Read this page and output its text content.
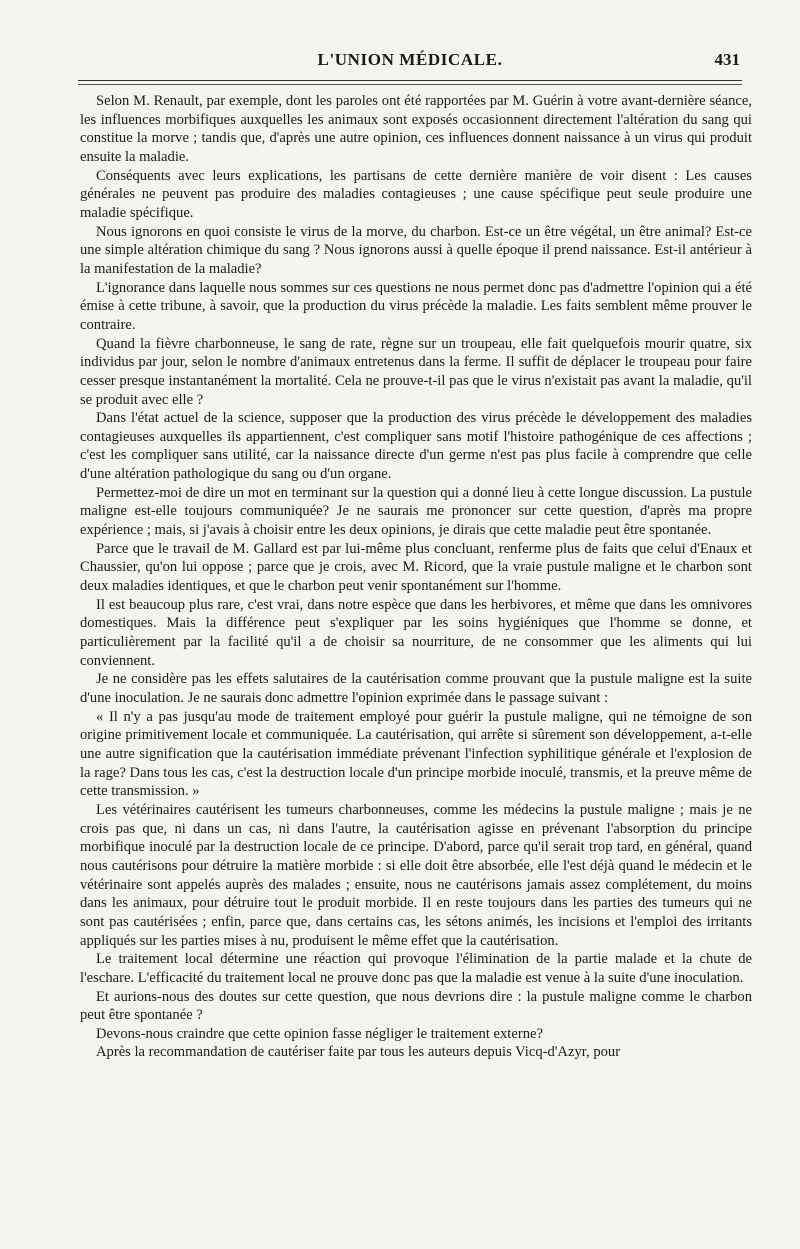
L'UNION MÉDICALE.	431

Selon M. Renault, par exemple, dont les paroles ont été rapportées par M. Guérin à votre avant-dernière séance, les influences morbifiques auxquelles les animaux sont exposés occasionnent directement l'altération du sang qui constitue la morve ; tandis que, d'après une autre opinion, ces influences donnent naissance à un virus qui produit ensuite la maladie.

Conséquents avec leurs explications, les partisans de cette dernière manière de voir disent : Les causes générales ne peuvent pas produire des maladies contagieuses ; une cause spécifique peut seule produire une maladie spécifique.

Nous ignorons en quoi consiste le virus de la morve, du charbon. Est-ce un être végétal, un être animal? Est-ce une simple altération chimique du sang ? Nous ignorons aussi à quelle époque il prend naissance. Est-il antérieur à la manifestation de la maladie?

L'ignorance dans laquelle nous sommes sur ces questions ne nous permet donc pas d'admettre l'opinion qui a été émise à cette tribune, à savoir, que la production du virus précède la maladie. Les faits semblent même prouver le contraire.

Quand la fièvre charbonneuse, le sang de rate, règne sur un troupeau, elle fait quelquefois mourir quatre, six individus par jour, selon le nombre d'animaux entretenus dans la ferme. Il suffit de déplacer le troupeau pour faire cesser presque instantanément la mortalité. Cela ne prouve-t-il pas que le virus n'existait pas avant la maladie, qu'il se produit avec elle ?

Dans l'état actuel de la science, supposer que la production des virus précède le développement des maladies contagieuses auxquelles ils appartiennent, c'est compliquer sans motif l'histoire pathogénique de ces affections ; c'est les compliquer sans utilité, car la naissance directe d'un germe n'est pas plus facile à comprendre que celle d'une altération pathologique du sang ou d'un organe.

Permettez-moi de dire un mot en terminant sur la question qui a donné lieu à cette longue discussion. La pustule maligne est-elle toujours communiquée? Je ne saurais me prononcer sur cette question, d'après ma propre expérience ; mais, si j'avais à choisir entre les deux opinions, je dirais que cette maladie peut être spontanée.

Parce que le travail de M. Gallard est par lui-même plus concluant, renferme plus de faits que celui d'Enaux et Chaussier, qu'on lui oppose ; parce que je crois, avec M. Ricord, que la vraie pustule maligne et le charbon sont deux maladies identiques, et que le charbon peut venir spontanément sur l'homme.

Il est beaucoup plus rare, c'est vrai, dans notre espèce que dans les herbivores, et même que dans les omnivores domestiques. Mais la différence peut s'expliquer par les soins hygiéniques que l'homme se donne, et particulièrement par la facilité qu'il a de choisir sa nourriture, de ne consommer que les aliments qui lui conviennent.

Je ne considère pas les effets salutaires de la cautérisation comme prouvant que la pustule maligne est la suite d'une inoculation. Je ne saurais donc admettre l'opinion exprimée dans le passage suivant :

« Il n'y a pas jusqu'au mode de traitement employé pour guérir la pustule maligne, qui ne témoigne de son origine primitivement locale et communiquée. La cautérisation, qui arrête si sûrement son développement, a-t-elle une autre signification que la cautérisation immédiate prévenant l'infection syphilitique générale et l'explosion de la rage? Dans tous les cas, c'est la destruction locale d'un principe morbide inoculé, transmis, et la preuve même de cette transmission. »

Les vétérinaires cautérisent les tumeurs charbonneuses, comme les médecins la pustule maligne ; mais je ne crois pas que, ni dans un cas, ni dans l'autre, la cautérisation agisse en prévenant l'absorption du principe morbifique inoculé par la destruction locale de ce principe. D'abord, parce qu'il serait trop tard, en général, quand nous cautérisons pour détruire la matière morbide : si elle doit être absorbée, elle l'est déjà quand le médecin et le vétérinaire sont appelés auprès des malades ; ensuite, nous ne cautérisons jamais assez complétement, du moins dans les animaux, pour détruire tout le produit morbide. Il en reste toujours dans les parties des tumeurs qui ne sont pas cautérisées ; enfin, parce que, dans certains cas, les sétons animés, les incisions et l'emploi des irritants appliqués sur les parties mises à nu, produisent le même effet que la cautérisation.

Le traitement local détermine une réaction qui provoque l'élimination de la partie malade et la chute de l'eschare. L'efficacité du traitement local ne prouve donc pas que la maladie est venue à la suite d'une inoculation.

Et aurions-nous des doutes sur cette question, que nous devrions dire : la pustule maligne comme le charbon peut être spontanée ?

Devons-nous craindre que cette opinion fasse négliger le traitement externe?

Après la recommandation de cautériser faite par tous les auteurs depuis Vicq-d'Azyr, pour
